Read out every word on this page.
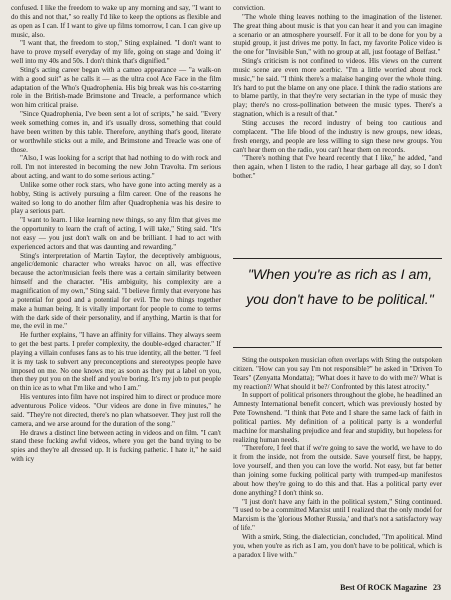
confused. I like the freedom to wake up any morning and say, "I want to do this and not that," so really I'd like to keep the options as flexible and as open as I can. If I want to give up films tomorrow, I can. I can give up music, also.

"I want that, the freedom to stop," Sting explained. "I don't want to have to prove myself everyday of my life, going on stage and 'doing it' well into my 40s and 50s. I don't think that's dignified."

Sting's acting career began with a cameo appearance — "a walk-on with a good suit" as he calls it — as the ultra cool Ace Face in the film adaptation of the Who's Quadrophenia. His big break was his co-starring role in the British-made Brimstone and Treacle, a performance which won him critical praise.

"Since Quadrophenia, I've been sent a lot of scripts," he said. "Every week something comes in, and it's usually dross, something that could have been written by this table. Therefore, anything that's good, literate or worthwhile sticks out a mile, and Brimstone and Treacle was one of those.

"Also, I was looking for a script that had nothing to do with rock and roll. I'm not interested in becoming the new John Travolta. I'm serious about acting, and want to do some serious acting."

Unlike some other rock stars, who have gone into acting merely as a hobby, Sting is actively pursuing a film career. One of the reasons he waited so long to do another film after Quadrophenia was his desire to play a serious part.

"I want to learn. I like learning new things, so any film that gives me the opportunity to learn the craft of acting, I will take," Sting said. "It's not easy — you just don't walk on and be brilliant. I had to act with experienced actors and that was daunting and rewarding."

Sting's interpretation of Martin Taylor, the deceptively ambiguous, angelic/demonic character who wreaks havoc on all, was effective because the actor/musician feels there was a certain similarity between himself and the character. "His ambiguity, his complexity are a magnification of my own," Sting said. "I believe firmly that everyone has a potential for good and a potential for evil. The two things together make a human being. It is vitally important for people to come to terms with the dark side of their personality, and if anything, Martin is that for me, the evil in me."

He further explains, "I have an affinity for villains. They always seem to get the best parts. I prefer complexity, the double-edged character." If playing a villain confuses fans as to his true identity, all the better. "I feel it is my task to subvert any preconceptions and stereotypes people have imposed on me. No one knows me; as soon as they put a label on you, then they put you on the shelf and you're boring. It's my job to put people on thin ice as to what I'm like and who I am."

His ventures into film have not inspired him to direct or produce more adventurous Police videos. "Our videos are done in five minutes," he said. "They're not directed, there's no plan whatsoever. They just roll the camera, and we arse around for the duration of the song."

He draws a distinct line between acting in videos and on film. "I can't stand these fucking awful videos, where you get the band trying to be spies and they're all dressed up. It is fucking pathetic. I hate it," he said with icy

conviction.

"The whole thing leaves nothing to the imagination of the listener. The great thing about music is that you can hear it and you can imagine a scenario or an atmosphere yourself. For it all to be done for you by a stupid group, it just drives me potty. In fact, my favorite Police video is the one for "Invisible Sun," with no group at all, just footage of Belfast."

Sting's criticism is not confined to videos. His views on the current music scene are even more acerbic. "I'm a little worried about rock music," he said. "I think there's a malaise hanging over the whole thing. It's hard to put the blame on any one place. I think the radio stations are to blame partly, in that they're very sectarian in the type of music they play; there's no cross-pollination between the music types. There's a stagnation, which is a result of that."

Sting accuses the record industry of being too cautious and complacent. "The life blood of the industry is new groups, new ideas, fresh energy, and people are less willing to sign these new groups. You can't hear them on the radio, you can't hear them on records.

"There's nothing that I've heard recently that I like," he added, "and then again, when I listen to the radio, I hear garbage all day, so I don't bother."

"When you're as rich as I am, you don't have to be political."

Sting the outspoken musician often overlaps with Sting the outspoken citizen. "How can you say I'm not responsible?" he asked in "Driven To Tears" (Zenyatta Mondatta); "What does it have to do with me?/ What is my reaction?/ What should it be?/ Confronted by this latest atrocity."

In support of political prisoners throughout the globe, he headlined an Amnesty International benefit concert, which was previously hosted by Pete Townshend. "I think that Pete and I share the same lack of faith in political parties. My definition of a political party is a wonderful machine for marshaling prejudice and fear and stupidity, but hopeless for realizing human needs.

"Therefore, I feel that if we're going to save the world, we have to do it from the inside, not from the outside. Save yourself first, be happy, love yourself, and then you can love the world. Not easy, but far better than joining some fucking political party with trumped-up manifestos about how they're going to do this and that. Has a political party ever done anything? I don't think so.

"I just don't have any faith in the political system," Sting continued. "I used to be a committed Marxist until I realized that the only model for Marxism is the 'glorious Mother Russia,' and that's not a satisfactory way of life."

With a smirk, Sting, the dialectician, concluded, "I'm apolitical. Mind you, when you're as rich as I am, you don't have to be political, which is a paradox I live with."

Best Of ROCK Magazine 23
